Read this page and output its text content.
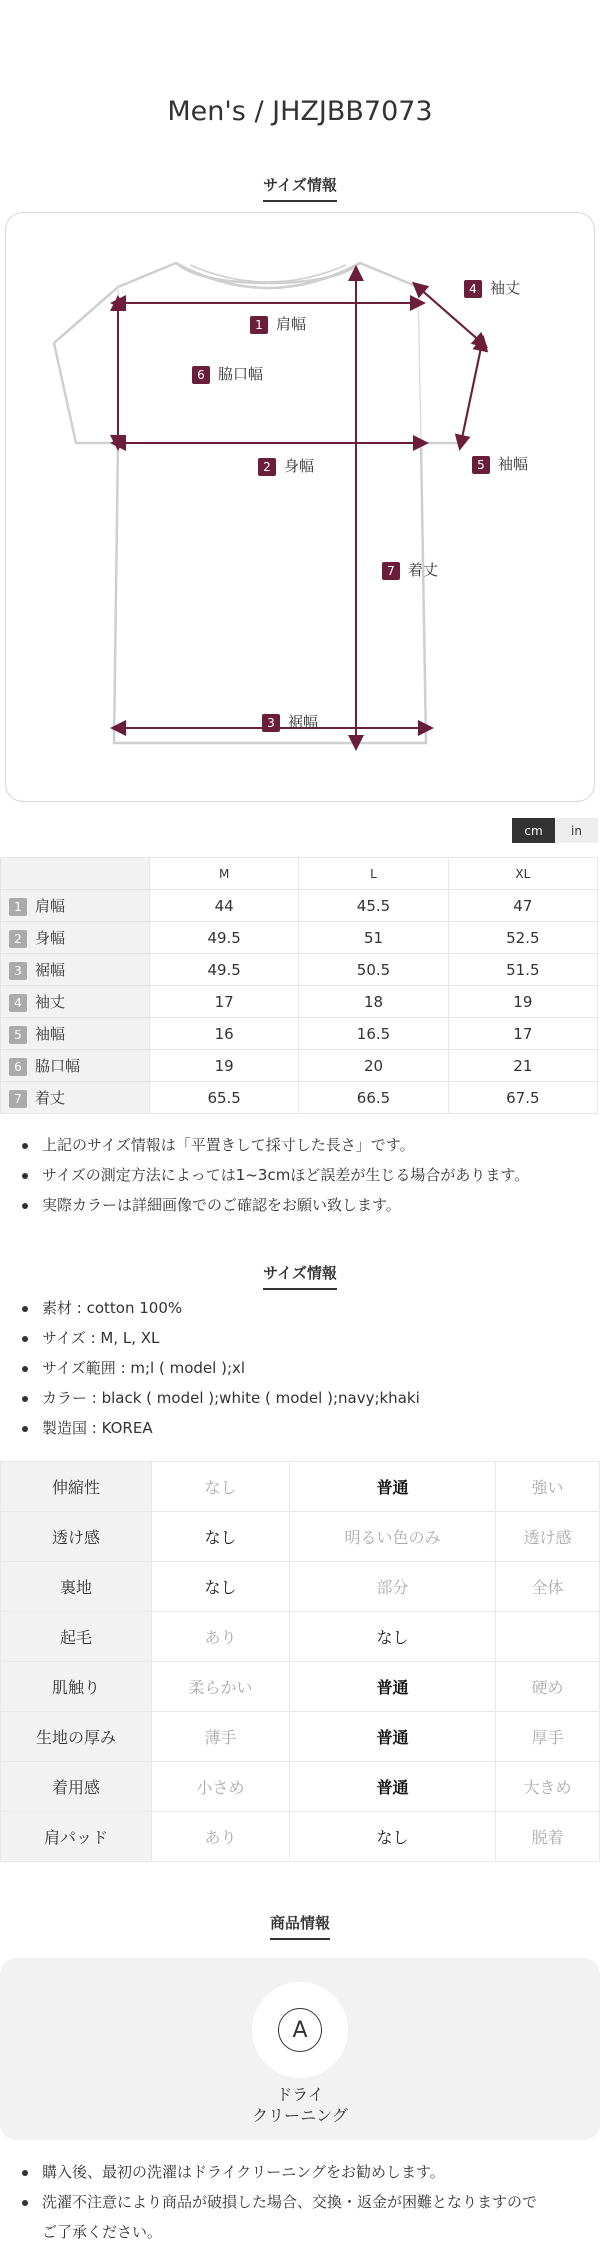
Men's / JHZJBB7073
サイズ情報
1 肩幅
2 身幅
3 裾幅
4 袖丈
5 袖幅
6 脇口幅
7 着丈
cm	in
	M	L	XL
1 肩幅	44	45.5	47
2 身幅	49.5	51	52.5
3 裾幅	49.5	50.5	51.5
4 袖丈	17	18	19
5 袖幅	16	16.5	17
6 脇口幅	19	20	21
7 着丈	65.5	66.5	67.5
上記のサイズ情報は「平置きして採寸した長さ」です。
サイズの測定方法によっては1~3cmほど誤差が生じる場合があります。
実際カラーは詳細画像でのご確認をお願い致します。
サイズ情報
素材 : cotton 100%
サイズ : M, L, XL
サイズ範囲 : m;l ( model );xl
カラー : black ( model );white ( model );navy;khaki
製造国 : KOREA
伸縮性	なし	普通	強い
透け感	なし	明るい色のみ	透け感
裏地	なし	部分	全体
起毛	あり	なし	
肌触り	柔らかい	普通	硬め
生地の厚み	薄手	普通	厚手
着用感	小さめ	普通	大きめ
肩パッド	あり	なし	脱着
商品情報
A
ドライ
クリーニング
購入後、最初の洗濯はドライクリーニングをお勧めします。
洗濯不注意により商品が破損した場合、交換・返金が困難となりますので
ご了承ください。
